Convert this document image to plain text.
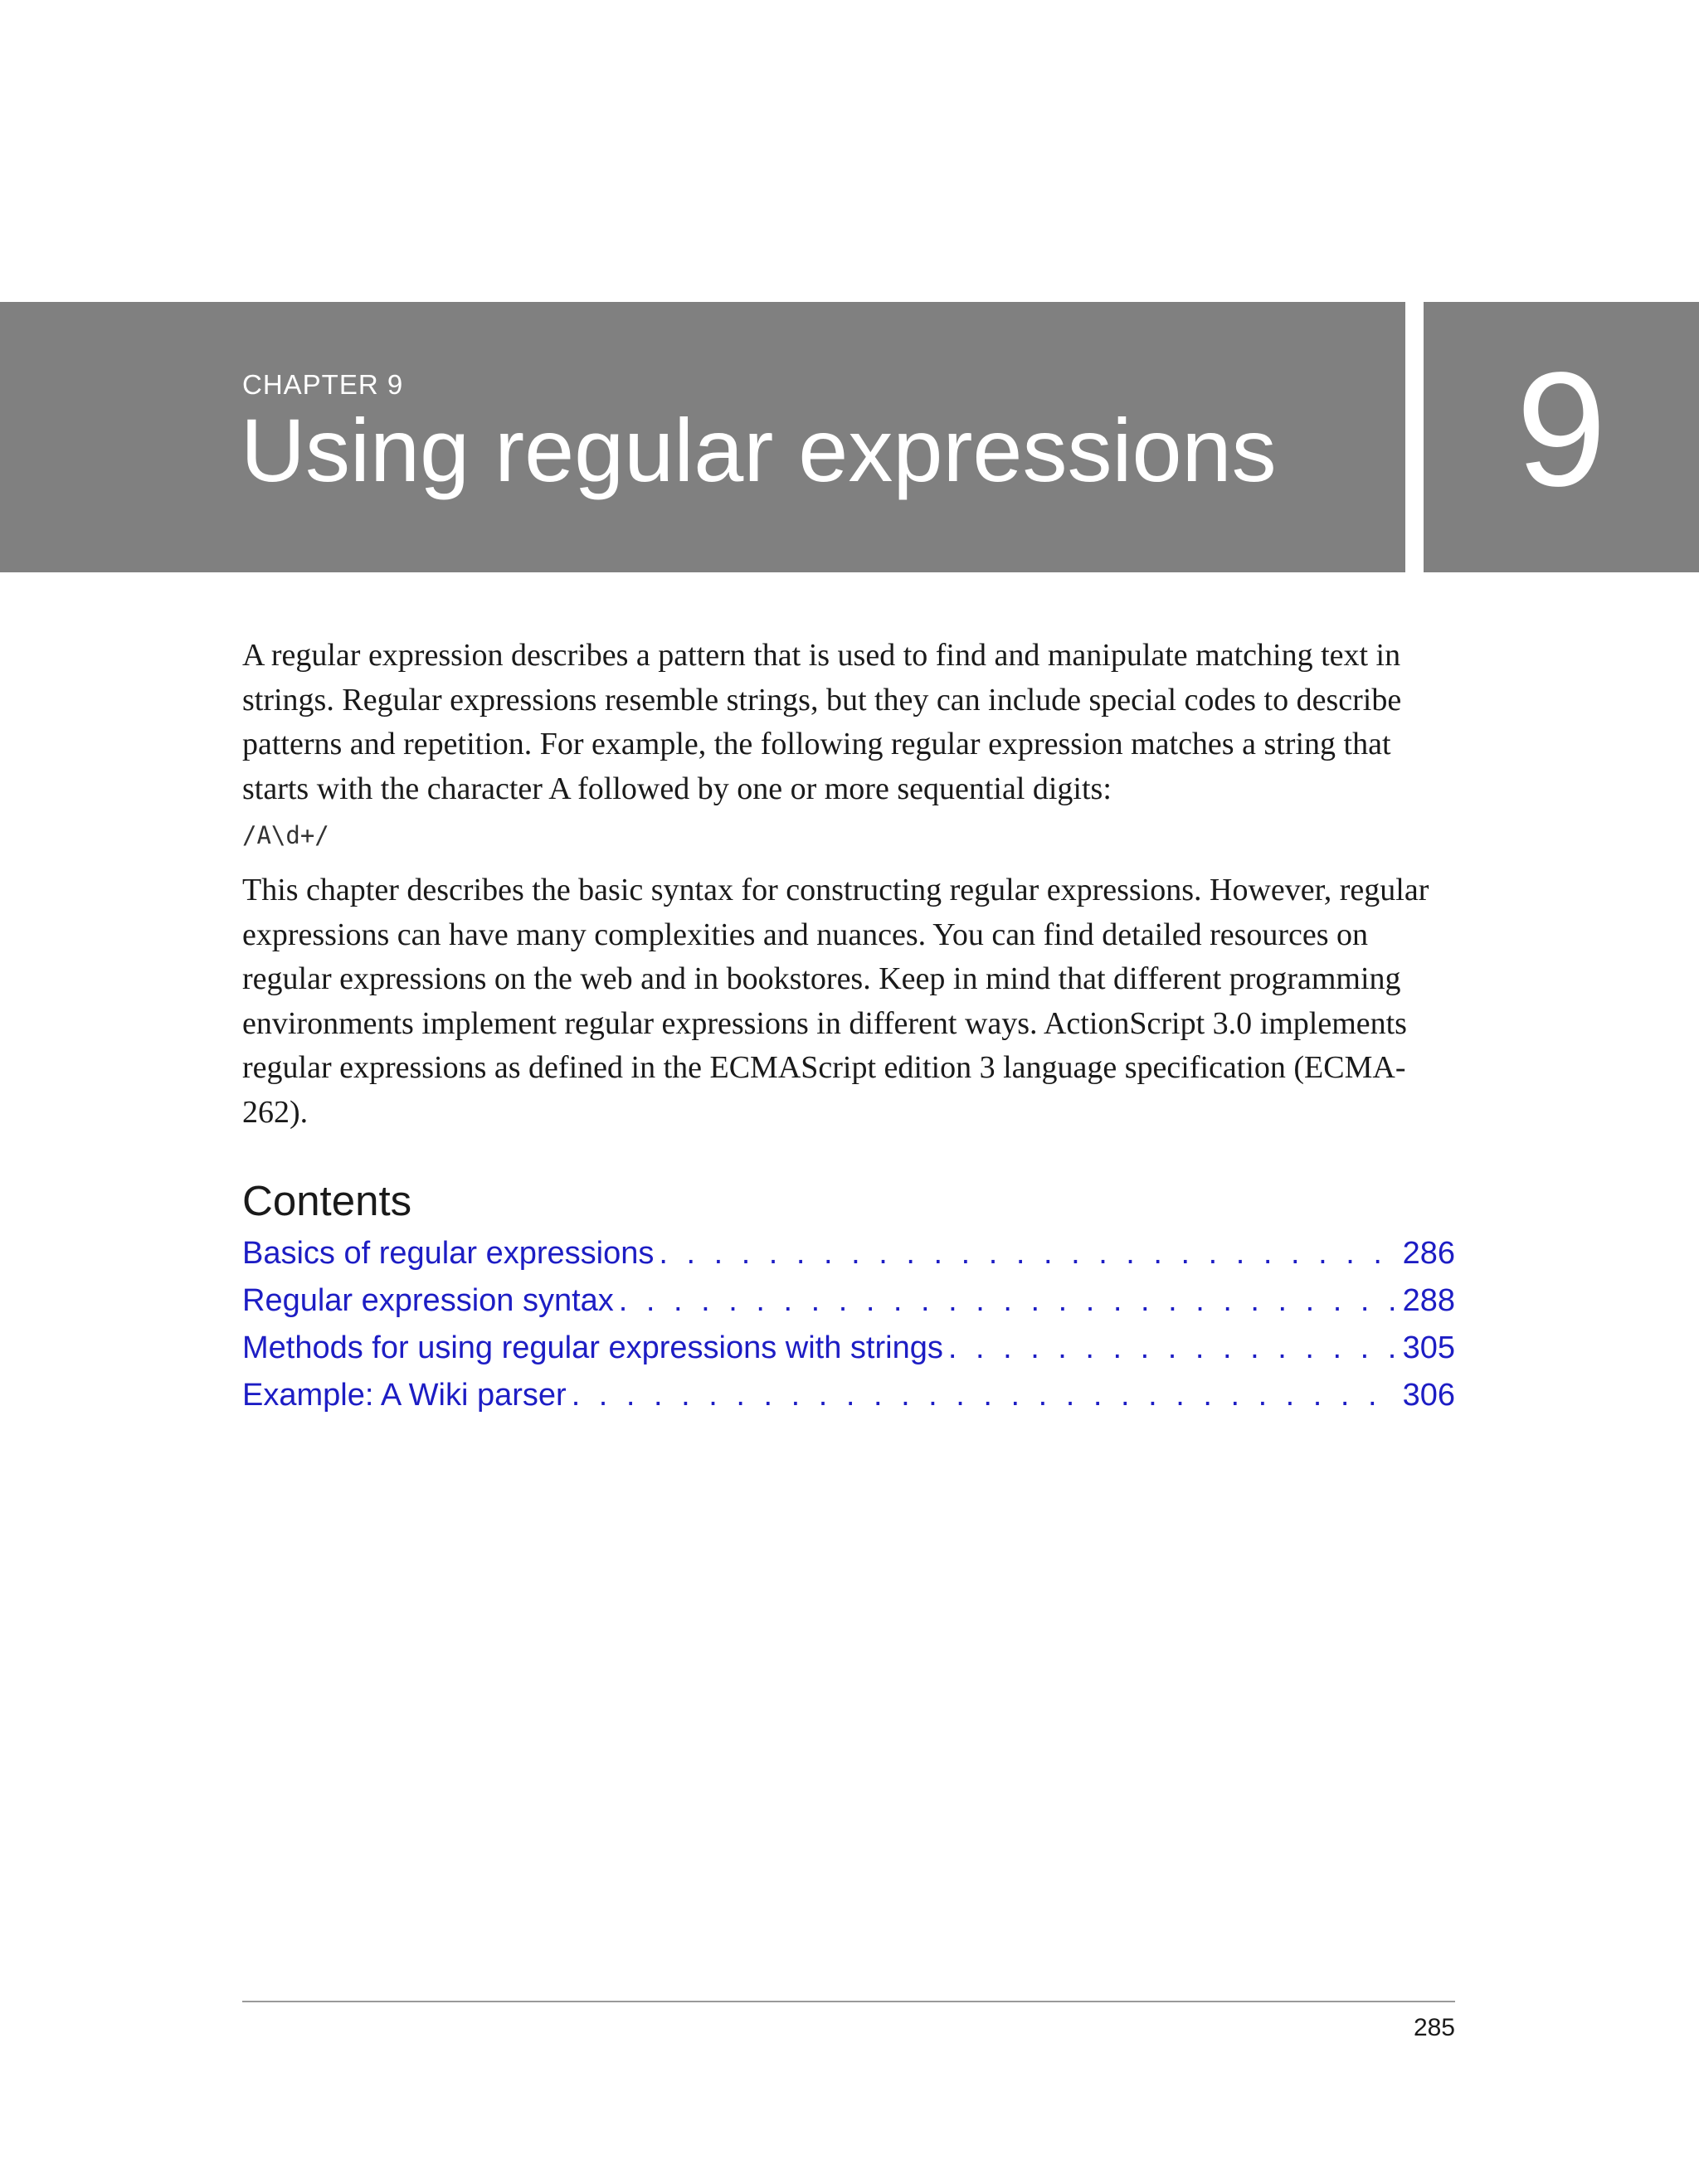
CHAPTER 9
Using regular expressions	9

A regular expression describes a pattern that is used to find and manipulate matching text in strings. Regular expressions resemble strings, but they can include special codes to describe patterns and repetition. For example, the following regular expression matches a string that starts with the character A followed by one or more sequential digits:

/A\d+/

This chapter describes the basic syntax for constructing regular expressions. However, regular expressions can have many complexities and nuances. You can find detailed resources on regular expressions on the web and in bookstores. Keep in mind that different programming environments implement regular expressions in different ways. ActionScript 3.0 implements regular expressions as defined in the ECMAScript edition 3 language specification (ECMA-262).

Contents
Basics of regular expressions . . .	286
Regular expression syntax . . .	288
Methods for using regular expressions with strings . . .	305
Example: A Wiki parser . . .	306
285
